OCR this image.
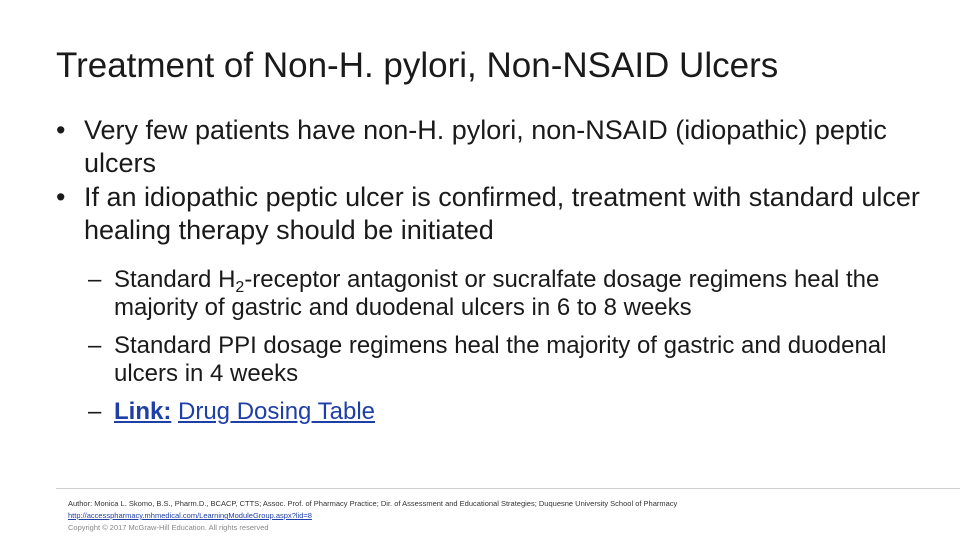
Treatment of Non-H. pylori, Non-NSAID Ulcers
• Very few patients have non-H. pylori, non-NSAID (idiopathic) peptic ulcers
• If an idiopathic peptic ulcer is confirmed, treatment with standard ulcer healing therapy should be initiated
– Standard $H_2$-receptor antagonist or sucralfate dosage regimens heal the majority of gastric and duodenal ulcers in 6 to 8 weeks
– Standard PPI dosage regimens heal the majority of gastric and duodenal ulcers in 4 weeks
– Link: Drug Dosing Table
Author: Monica L. Skomo, B.S., Pharm.D., BCACP, CTTS; Assoc. Prof. of Pharmacy Practice; Dir. of Assessment and Educational Strategies; Duquesne University School of Pharmacy
http://accesspharmacy.mhmedical.com/LearningModuleGroup.aspx?lid=8
Copyright © 2017 McGraw-Hill Education. All rights reserved
